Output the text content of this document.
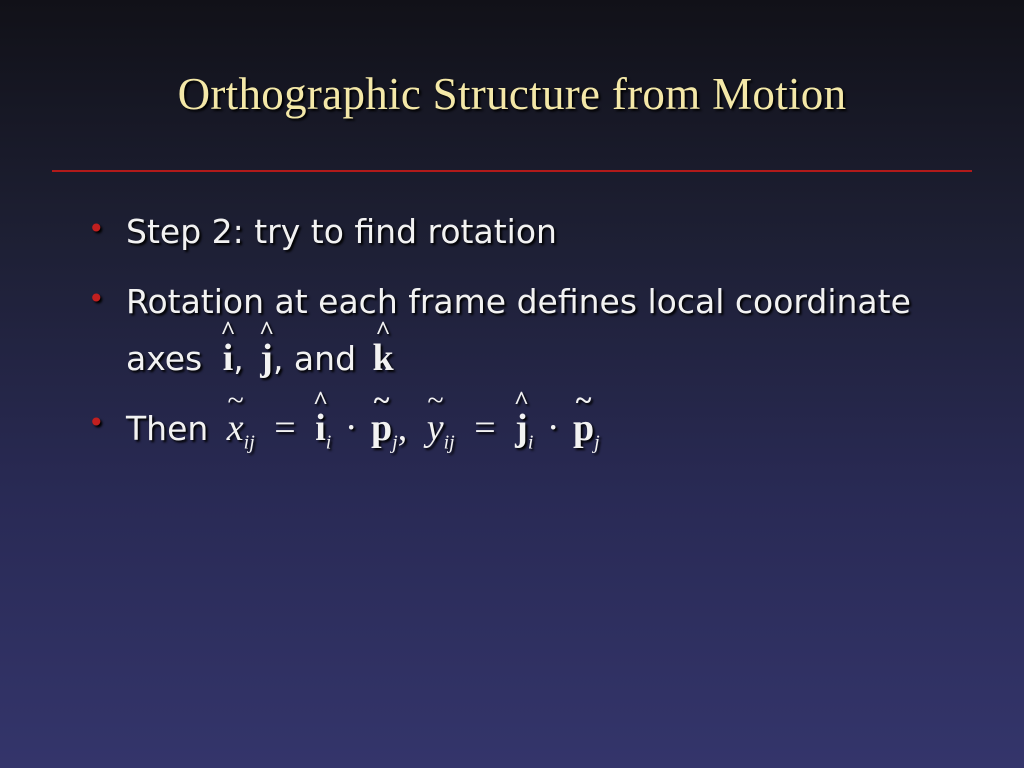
Orthographic Structure from Motion
• Step 2: try to find rotation
• Rotation at each frame defines local coordinate
axes ^ i, ^ j, and ^ k
• Then ~ $x_{ij}$ = ^ $i_i$ · ~ $p_j$, ~ $y_{ij}$ = ^ $j_i$ · ~ $p_j$
